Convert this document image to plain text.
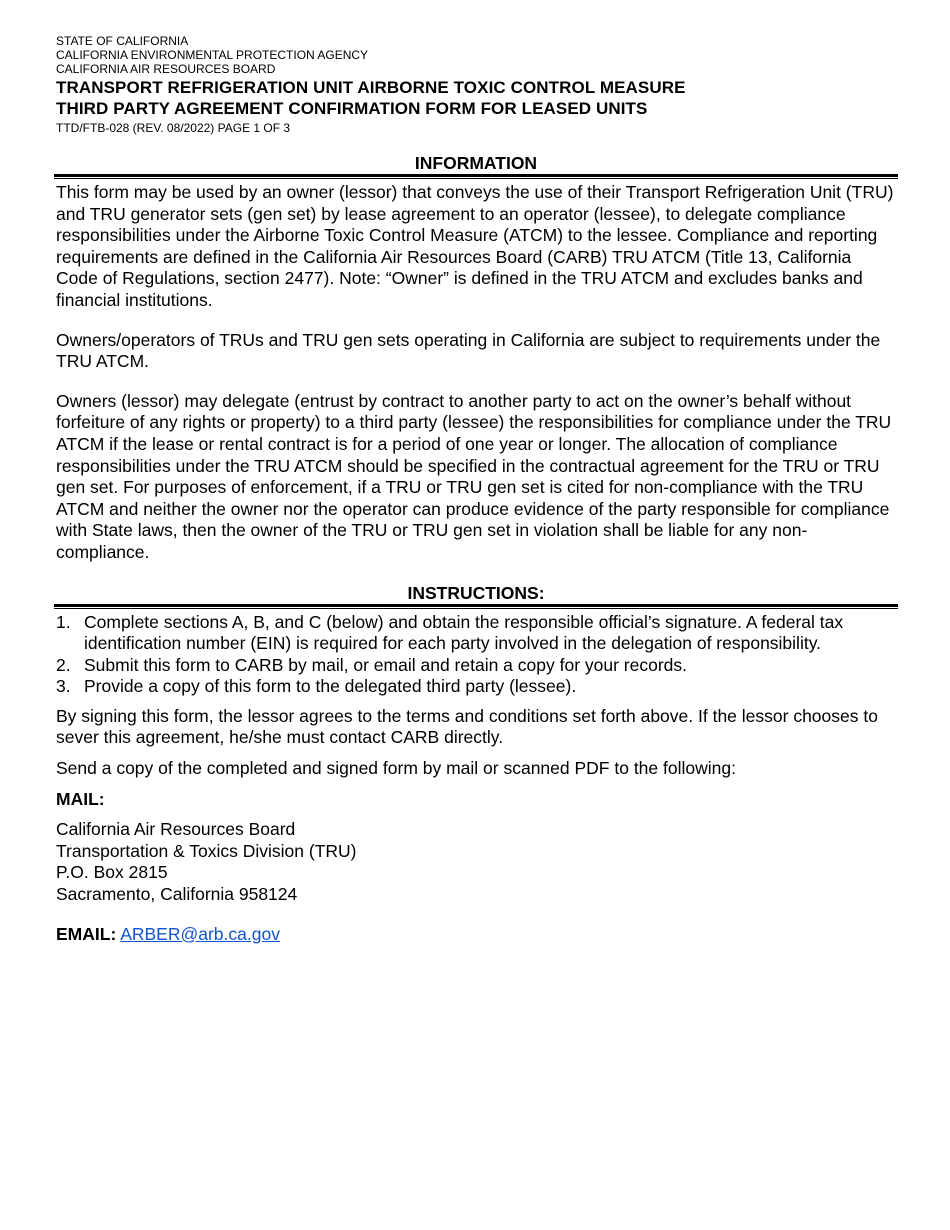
STATE OF CALIFORNIA

CALIFORNIA ENVIRONMENTAL PROTECTION AGENCY

CALIFORNIA AIR RESOURCES BOARD

TRANSPORT REFRIGERATION UNIT AIRBORNE TOXIC CONTROL MEASURE

THIRD PARTY AGREEMENT CONFIRMATION FORM FOR LEASED UNITS

TTD/FTB-028 (REV. 08/2022) PAGE 1 OF 3

INFORMATION

This form may be used by an owner (lessor) that conveys the use of their Transport Refrigeration Unit (TRU) and TRU generator sets (gen set) by lease agreement to an operator (lessee), to delegate compliance responsibilities under the Airborne Toxic Control Measure (ATCM) to the lessee. Compliance and reporting requirements are defined in the California Air Resources Board (CARB) TRU ATCM (Title 13, California Code of Regulations, section 2477). Note: “Owner” is defined in the TRU ATCM and excludes banks and financial institutions.

Owners/operators of TRUs and TRU gen sets operating in California are subject to requirements under the TRU ATCM.

Owners (lessor) may delegate (entrust by contract to another party to act on the owner’s behalf without forfeiture of any rights or property) to a third party (lessee) the responsibilities for compliance under the TRU ATCM if the lease or rental contract is for a period of one year or longer. The allocation of compliance responsibilities under the TRU ATCM should be specified in the contractual agreement for the TRU or TRU gen set. For purposes of enforcement, if a TRU or TRU gen set is cited for non-compliance with the TRU ATCM and neither the owner nor the operator can produce evidence of the party responsible for compliance with State laws, then the owner of the TRU or TRU gen set in violation shall be liable for any non-compliance.

INSTRUCTIONS:
1. Complete sections A, B, and C (below) and obtain the responsible official’s signature. A federal tax identification number (EIN) is required for each party involved in the delegation of responsibility.
2. Submit this form to CARB by mail, or email and retain a copy for your records.
3. Provide a copy of this form to the delegated third party (lessee).

By signing this form, the lessor agrees to the terms and conditions set forth above. If the lessor chooses to sever this agreement, he/she must contact CARB directly.

Send a copy of the completed and signed form by mail or scanned PDF to the following:

MAIL:

California Air Resources Board

Transportation & Toxics Division (TRU)

P.O. Box 2815

Sacramento, California 958124

EMAIL: ARBER@arb.ca.gov
